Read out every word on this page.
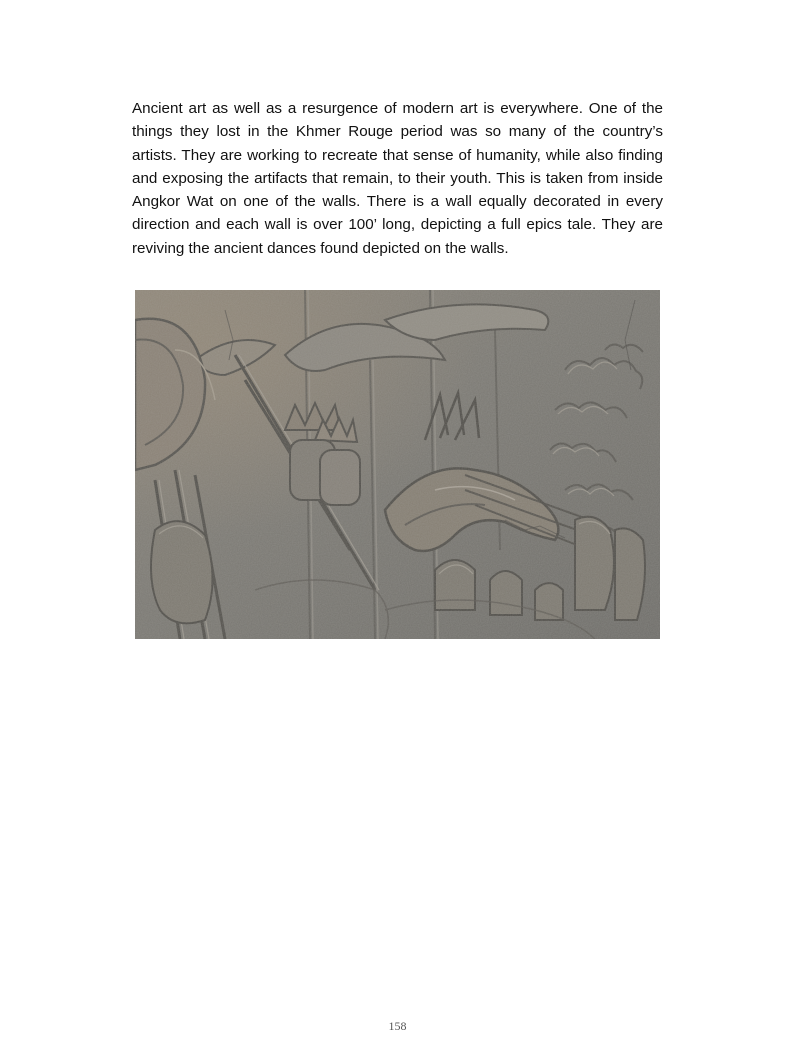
Ancient art as well as a resurgence of modern art is everywhere. One of the things they lost in the Khmer Rouge period was so many of the country’s artists. They are working to recreate that sense of humanity, while also finding and exposing the artifacts that remain, to their youth. This is taken from inside Angkor Wat on one of the walls. There is a wall equally decorated in every direction and each wall is over 100’ long, depicting a full epics tale. They are reviving the ancient dances found depicted on the walls.

158
